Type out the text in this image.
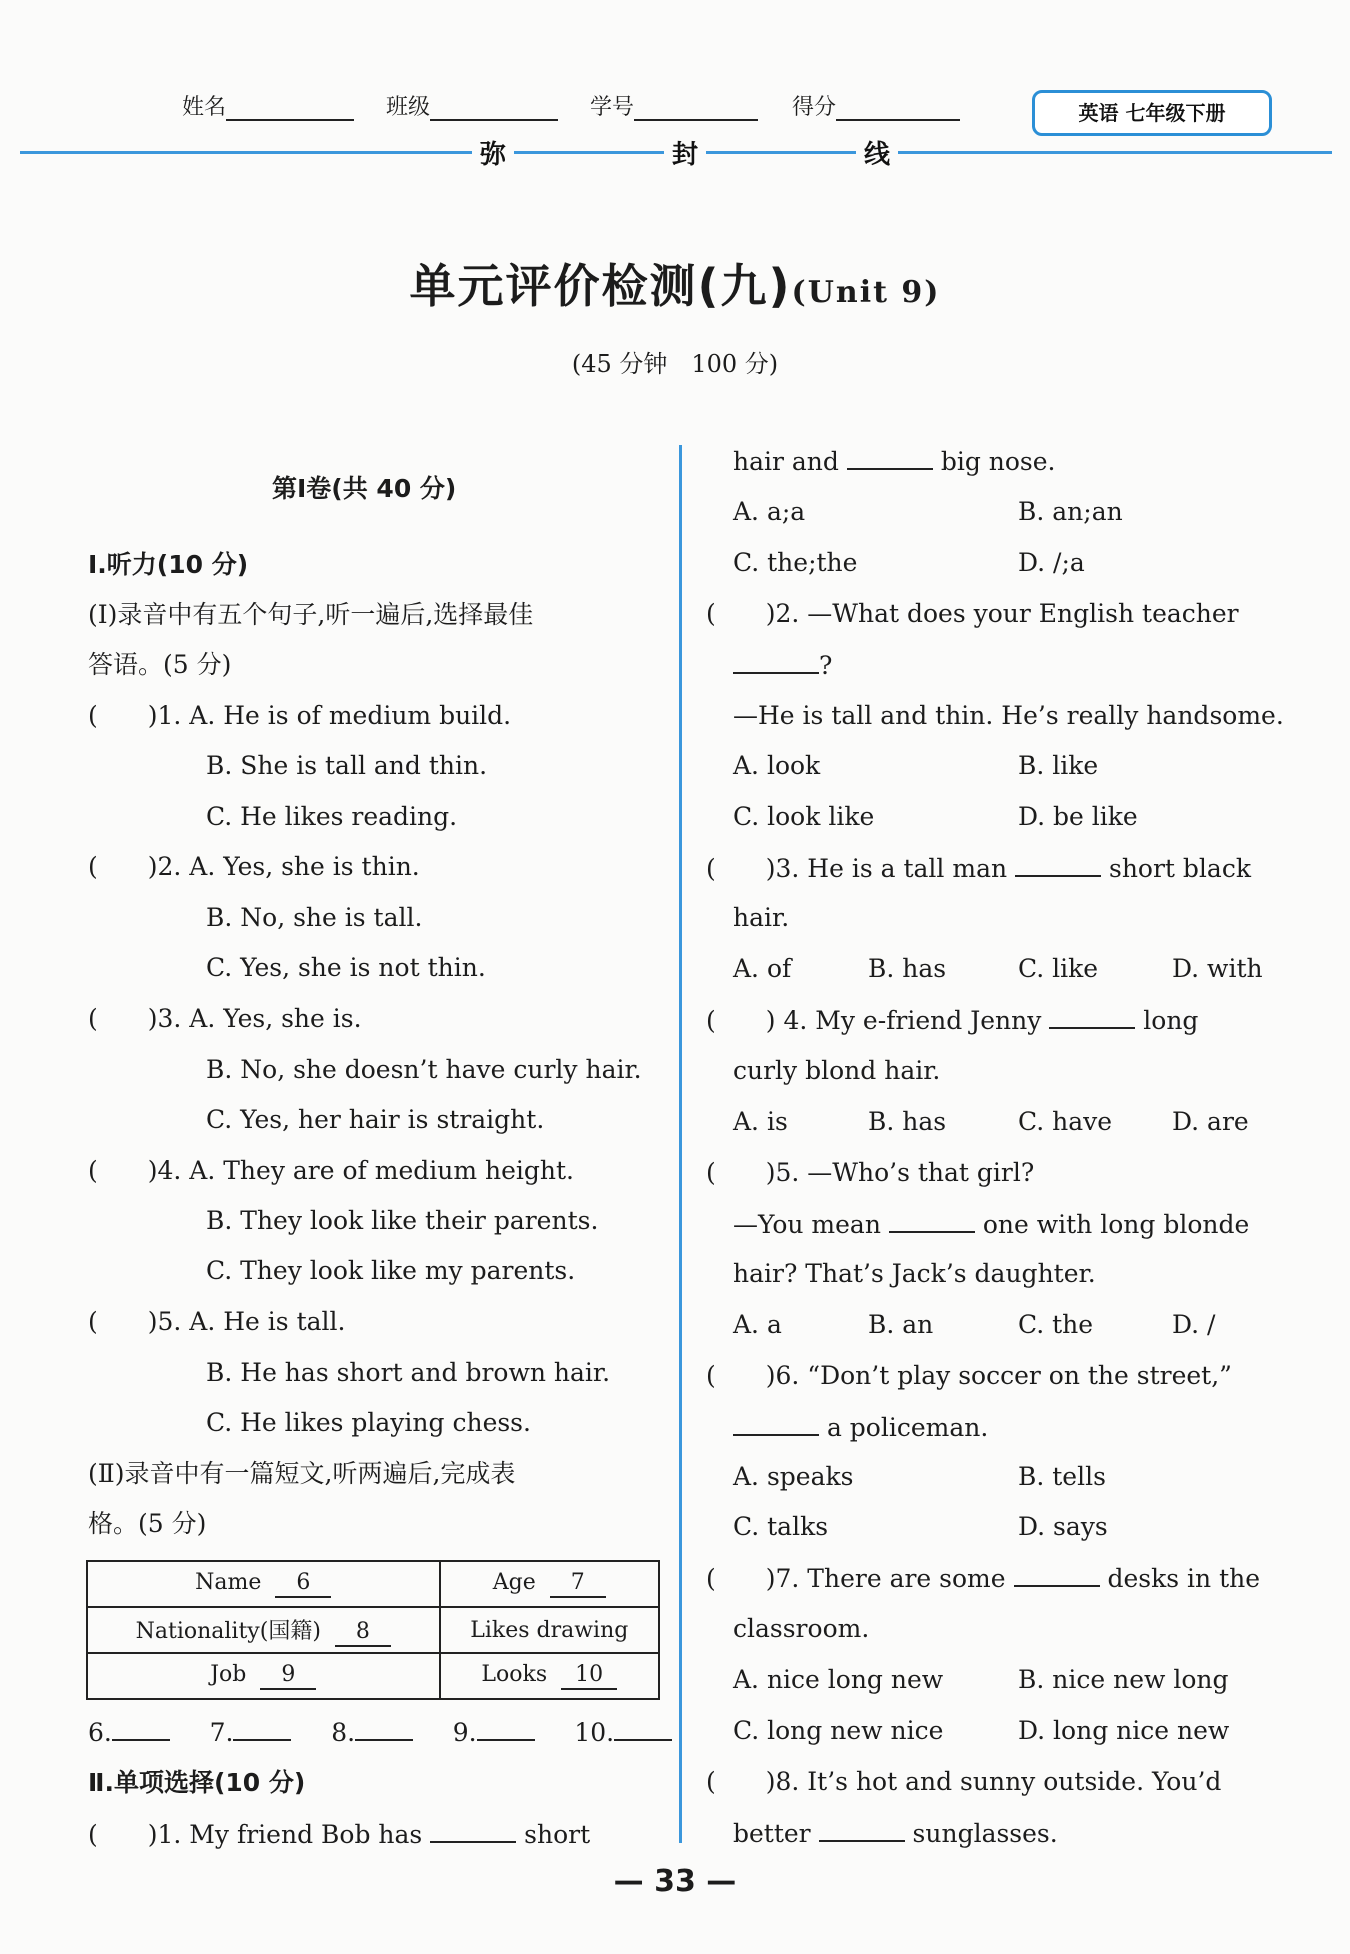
姓名	班级	学号	得分	英语 七年级下册
弥	封	线
单元评价检测(九)(Unit 9)
(45 分钟　100 分)
第Ⅰ卷(共 40 分)
Ⅰ.听力(10 分)
(Ⅰ)录音中有五个句子,听一遍后,选择最佳
答语。(5 分)
(　　)1. A. He is of medium build.
B. She is tall and thin.
C. He likes reading.
(　　)2. A. Yes, she is thin.
B. No, she is tall.
C. Yes, she is not thin.
(　　)3. A. Yes, she is.
B. No, she doesn’t have curly hair.
C. Yes, her hair is straight.
(　　)4. A. They are of medium height.
B. They look like their parents.
C. They look like my parents.
(　　)5. A. He is tall.
B. He has short and brown hair.
C. He likes playing chess.
(Ⅱ)录音中有一篇短文,听两遍后,完成表
格。(5 分)
Name 6	Age 7
Nationality(国籍) 8	Likes drawing
Job 9	Looks 10
6.	7.	8.	9.	10.
Ⅱ.单项选择(10 分)
(　　)1. My friend Bob has	short
hair and	big nose.
A. a;a	B. an;an
C. the;the	D. /;a
(　　)2. —What does your English teacher
?
—He is tall and thin. He’s really handsome.
A. look	B. like
C. look like	D. be like
(　　)3. He is a tall man	short black
hair.
A. of	B. has	C. like	D. with
(　　) 4. My e-friend Jenny	long
curly blond hair.
A. is	B. has	C. have D. are
(　　)5. —Who’s that girl?
—You mean	one with long blonde
hair? That’s Jack’s daughter.
A. a	B. an	C. the	D. /
(　　)6. “Don’t play soccer on the street,”
a policeman.
A. speaks	B. tells
C. talks	D. says
(　　)7. There are some	desks in the
classroom.
A. nice long new	B. nice new long
C. long new nice	D. long nice new
(　　)8. It’s hot and sunny outside. You’d
better	sunglasses.
— 33 —
